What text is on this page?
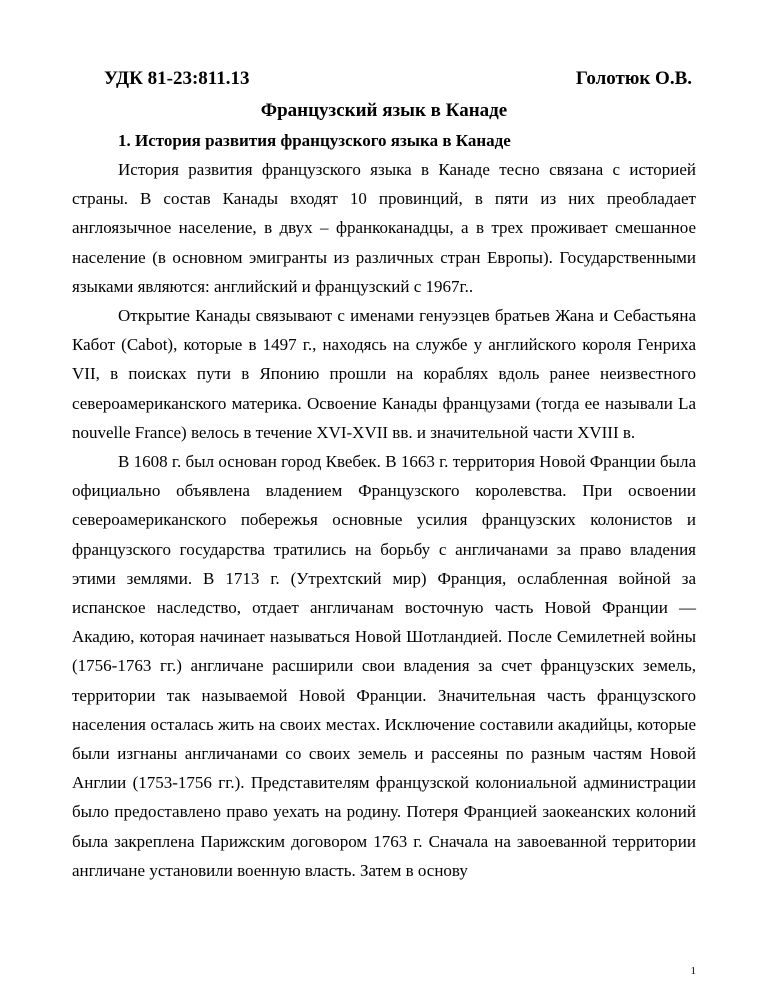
УДК 81-23:811.13	Голотюк О.В.
Французский язык в Канаде
1. История развития французского языка в Канаде

История развития французского языка в Канаде тесно связана с историей страны. В состав Канады входят 10 провинций, в пяти из них преобладает англоязычное население, в двух – франкоканадцы, а в трех проживает смешанное население (в основном эмигранты из различных стран Европы). Государственными языками являются: английский и французский с 1967г..

Открытие Канады связывают с именами генуэзцев братьев Жана и Себастьяна Кабот (Cabot), которые в 1497 г., находясь на службе у английского короля Генриха VII, в поисках пути в Японию прошли на кораблях вдоль ранее неизвестного североамериканского материка. Освоение Канады французами (тогда ее называли La nouvelle France) велось в течение XVI-XVII вв. и значительной части XVIII в.

В 1608 г. был основан город Квебек. В 1663 г. территория Новой Франции была официально объявлена владением Французского королевства. При освоении североамериканского побережья основные усилия французских колонистов и французского государства тратились на борьбу с англичанами за право владения этими землями. В 1713 г. (Утрехтский мир) Франция, ослабленная войной за испанское наследство, отдает англичанам восточную часть Новой Франции — Акадию, которая начинает называться Новой Шотландией. После Семилетней войны (1756-1763 гг.) англичане расширили свои владения за счет французских земель, территории так называемой Новой Франции. Значительная часть французского населения осталась жить на своих местах. Исключение составили акадийцы, которые были изгнаны англичанами со своих земель и рассеяны по разным частям Новой Англии (1753-1756 гг.). Представителям французской колониальной администрации было предоставлено право уехать на родину. Потеря Францией заокеанских колоний была закреплена Парижским договором 1763 г. Сначала на завоеванной территории англичане установили военную власть. Затем в основу

1
